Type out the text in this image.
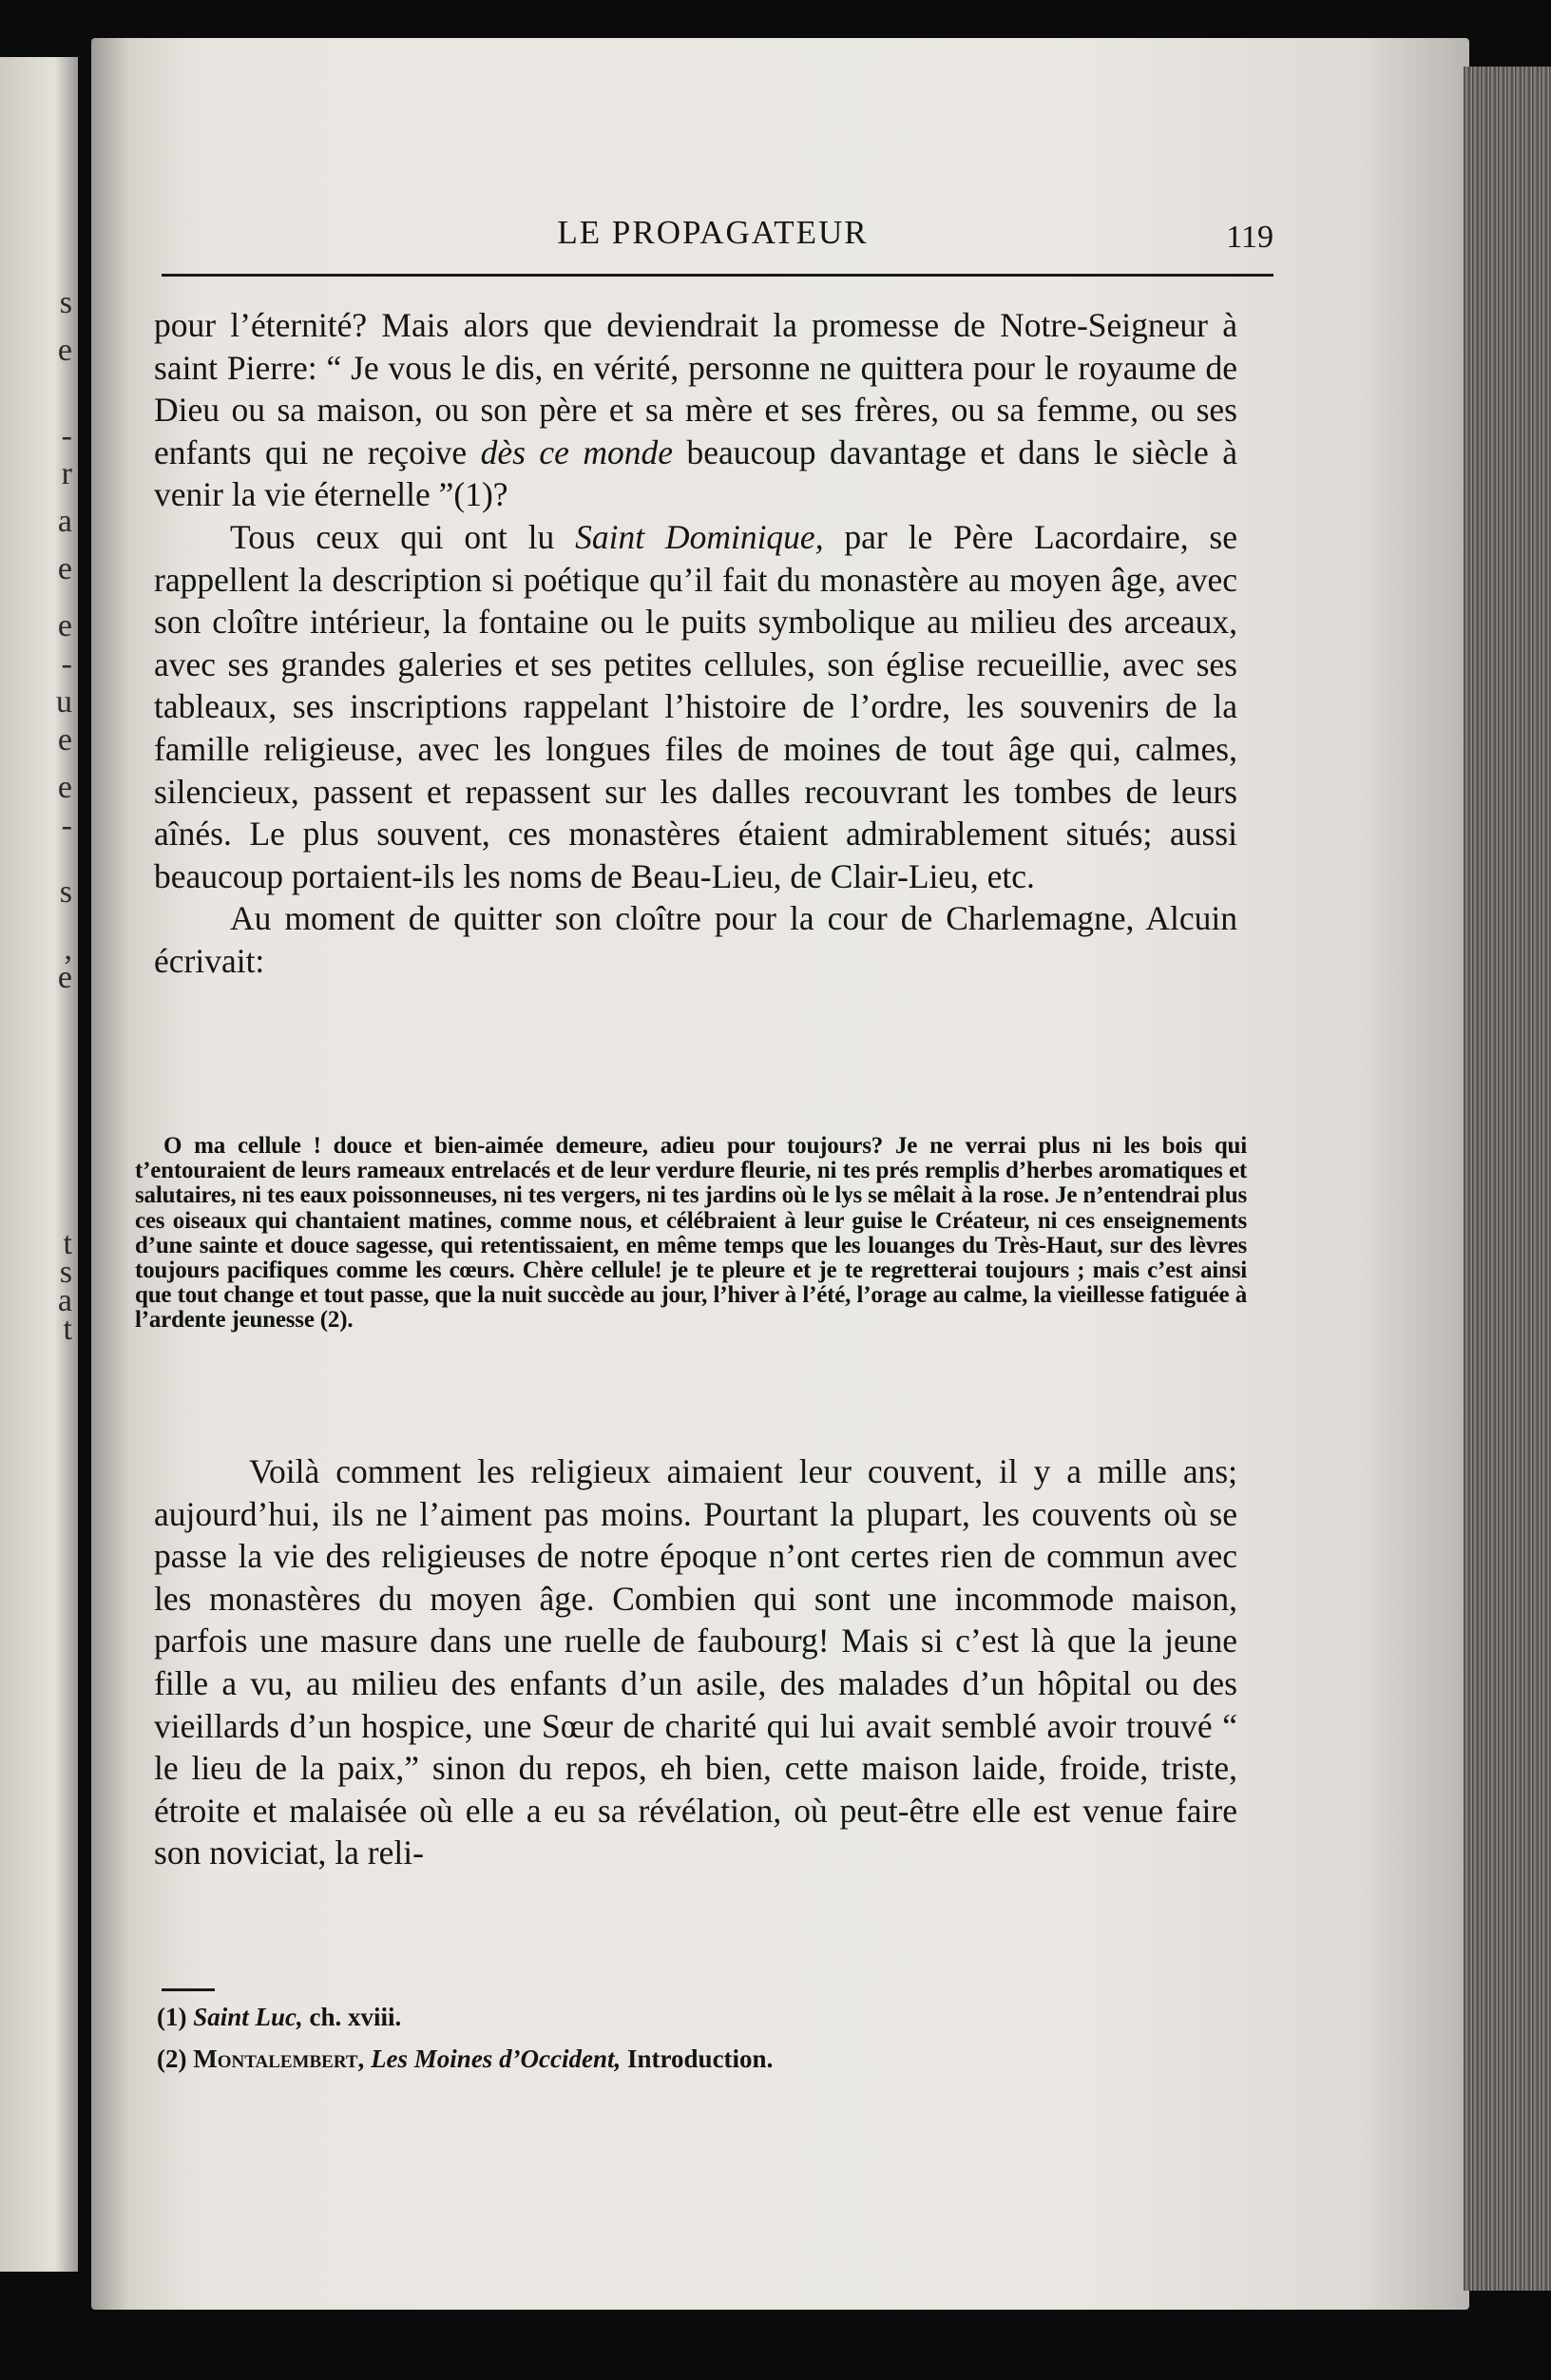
s
e
-
r
a
e
e
-
u
e
e
-
s
,
e
t
s
a
t
LE PROPAGATEUR	119

pour l’éternité? Mais alors que deviendrait la promesse de Notre-Seigneur à saint Pierre: “ Je vous le dis, en vérité, personne ne quittera pour le royaume de Dieu ou sa maison, ou son père et sa mère et ses frères, ou sa femme, ou ses enfants qui ne reçoive dès ce monde beaucoup davantage et dans le siècle à venir la vie éternelle ”(1)?

Tous ceux qui ont lu Saint Dominique, par le Père Lacordaire, se rappellent la description si poétique qu’il fait du monastère au moyen âge, avec son cloître intérieur, la fontaine ou le puits symbolique au milieu des arceaux, avec ses grandes galeries et ses petites cellules, son église recueillie, avec ses tableaux, ses inscriptions rappelant l’histoire de l’ordre, les souvenirs de la famille religieuse, avec les longues files de moines de tout âge qui, calmes, silencieux, passent et repassent sur les dalles recouvrant les tombes de leurs aînés. Le plus souvent, ces monastères étaient admirablement situés; aussi beaucoup portaient-ils les noms de Beau-Lieu, de Clair-Lieu, etc.

Au moment de quitter son cloître pour la cour de Charlemagne, Alcuin écrivait:

O ma cellule ! douce et bien-aimée demeure, adieu pour toujours? Je ne verrai plus ni les bois qui t’entouraient de leurs rameaux entrelacés et de leur verdure fleurie, ni tes prés remplis d’herbes aromatiques et salutaires, ni tes eaux poissonneuses, ni tes vergers, ni tes jardins où le lys se mêlait à la rose. Je n’entendrai plus ces oiseaux qui chantaient matines, comme nous, et célébraient à leur guise le Créateur, ni ces enseignements d’une sainte et douce sagesse, qui retentissaient, en même temps que les louanges du Très-Haut, sur des lèvres toujours pacifiques comme les cœurs. Chère cellule! je te pleure et je te regretterai toujours ; mais c’est ainsi que tout change et tout passe, que la nuit succède au jour, l’hiver à l’été, l’orage au calme, la vieillesse fatiguée à l’ardente jeunesse (2).

Voilà comment les religieux aimaient leur couvent, il y a mille ans; aujourd’hui, ils ne l’aiment pas moins. Pourtant la plupart, les couvents où se passe la vie des religieuses de notre époque n’ont certes rien de commun avec les monastères du moyen âge. Combien qui sont une incommode maison, parfois une masure dans une ruelle de faubourg! Mais si c’est là que la jeune fille a vu, au milieu des enfants d’un asile, des malades d’un hôpital ou des vieillards d’un hospice, une Sœur de charité qui lui avait semblé avoir trouvé “ le lieu de la paix,” sinon du repos, eh bien, cette maison laide, froide, triste, étroite et malaisée où elle a eu sa révélation, où peut-être elle est venue faire son noviciat, la reli-

(1) Saint Luc, ch. xviii.
(2) Montalembert, Les Moines d’Occident, Introduction.
